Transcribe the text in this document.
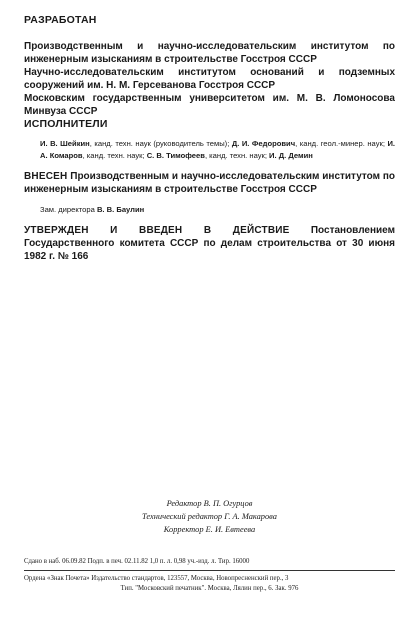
РАЗРАБОТАН

Производственным и научно-исследовательским институтом по инженерным изысканиям в строительстве Госстроя СССР

Научно-исследовательским институтом оснований и подземных сооружений им. Н. М. Герсеванова Госстроя СССР

Московским государственным университетом им. М. В. Ломоносова Минвуза СССР

ИСПОЛНИТЕЛИ

И. В. Шейкин, канд. техн. наук (руководитель темы); Д. И. Федорович, канд. геол.-минер. наук; И. А. Комаров, канд. техн. наук; С. В. Тимофеев, канд. техн. наук; И. Д. Демин

ВНЕСЕН Производственным и научно-исследовательским институтом по инженерным изысканиям в строительстве Госстроя СССР

Зам. директора В. В. Баулин

УТВЕРЖДЕН И ВВЕДЕН В ДЕЙСТВИЕ Постановлением Государственного комитета СССР по делам строительства от 30 июня 1982 г. № 166

Редактор В. П. Огурцов

Технический редактор Г. А. Макарова

Корректор Е. И. Евтеева

Сдано в наб. 06.09.82 Подп. в печ. 02.11.82 1,0 п. л. 0,98 уч.-изд. л. Тир. 16000

Ордена «Знак Почета» Издательство стандартов, 123557, Москва, Новопресненский пер., 3

Тип. "Московский печатник". Москва, Лялин пер., 6. Зак. 976
